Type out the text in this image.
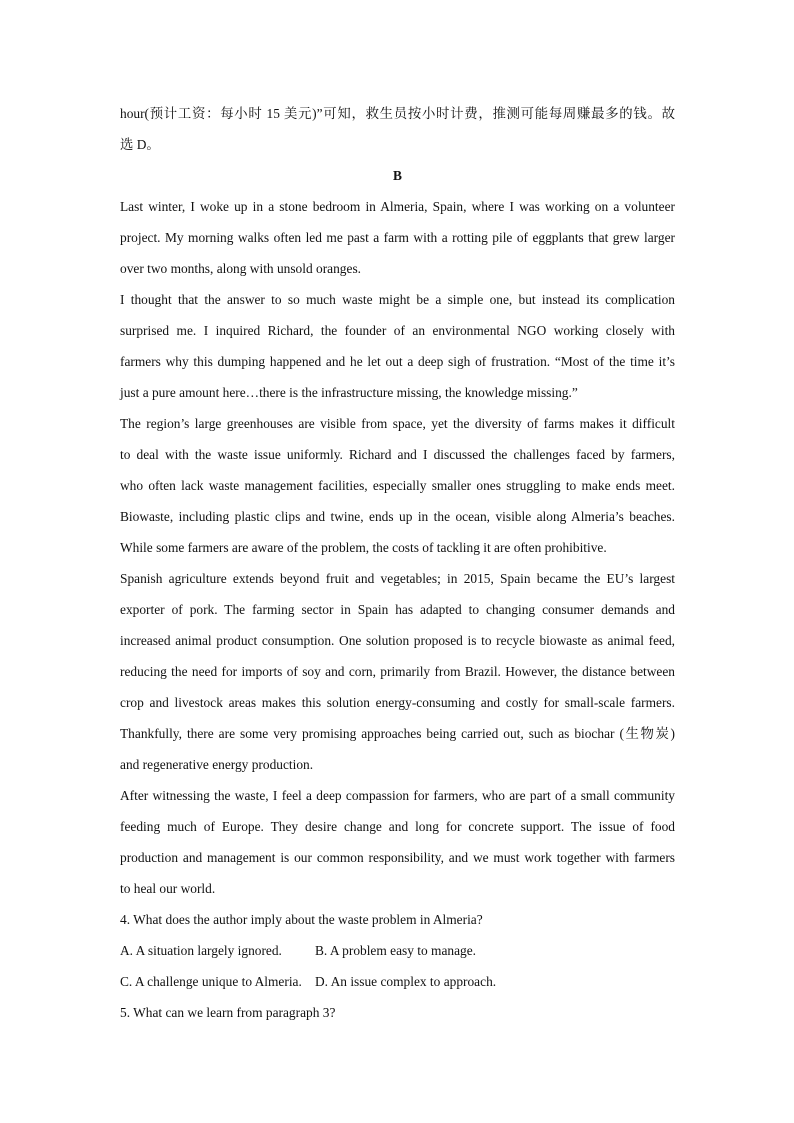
hour(预计工资：每小时 15 美元)”可知，救生员按小时计费，推测可能每周赚最多的钱。故
选 D。
B
Last winter, I woke up in a stone bedroom in Almeria, Spain, where I was working on a volunteer
project. My morning walks often led me past a farm with a rotting pile of eggplants that grew larger
over two months, along with unsold oranges.
I thought that the answer to so much waste might be a simple one, but instead its complication
surprised me. I inquired Richard, the founder of an environmental NGO working closely with
farmers why this dumping happened and he let out a deep sigh of frustration. “Most of the time it’s
just a pure amount here…there is the infrastructure missing, the knowledge missing.”
The region’s large greenhouses are visible from space, yet the diversity of farms makes it difficult
to deal with the waste issue uniformly. Richard and I discussed the challenges faced by farmers,
who often lack waste management facilities, especially smaller ones struggling to make ends meet.
Biowaste, including plastic clips and twine, ends up in the ocean, visible along Almeria’s beaches.
While some farmers are aware of the problem, the costs of tackling it are often prohibitive.
Spanish agriculture extends beyond fruit and vegetables; in 2015, Spain became the EU’s largest
exporter of pork. The farming sector in Spain has adapted to changing consumer demands and
increased animal product consumption. One solution proposed is to recycle biowaste as animal feed,
reducing the need for imports of soy and corn, primarily from Brazil. However, the distance between
crop and livestock areas makes this solution energy-consuming and costly for small-scale farmers.
Thankfully, there are some very promising approaches being carried out, such as biochar (生物炭)
and regenerative energy production.
After witnessing the waste, I feel a deep compassion for farmers, who are part of a small community
feeding much of Europe. They desire change and long for concrete support. The issue of food
production and management is our common responsibility, and we must work together with farmers
to heal our world.
4. What does the author imply about the waste problem in Almeria?
A. A situation largely ignored. B. A problem easy to manage.
C. A challenge unique to Almeria. D. An issue complex to approach.
5. What can we learn from paragraph 3?
